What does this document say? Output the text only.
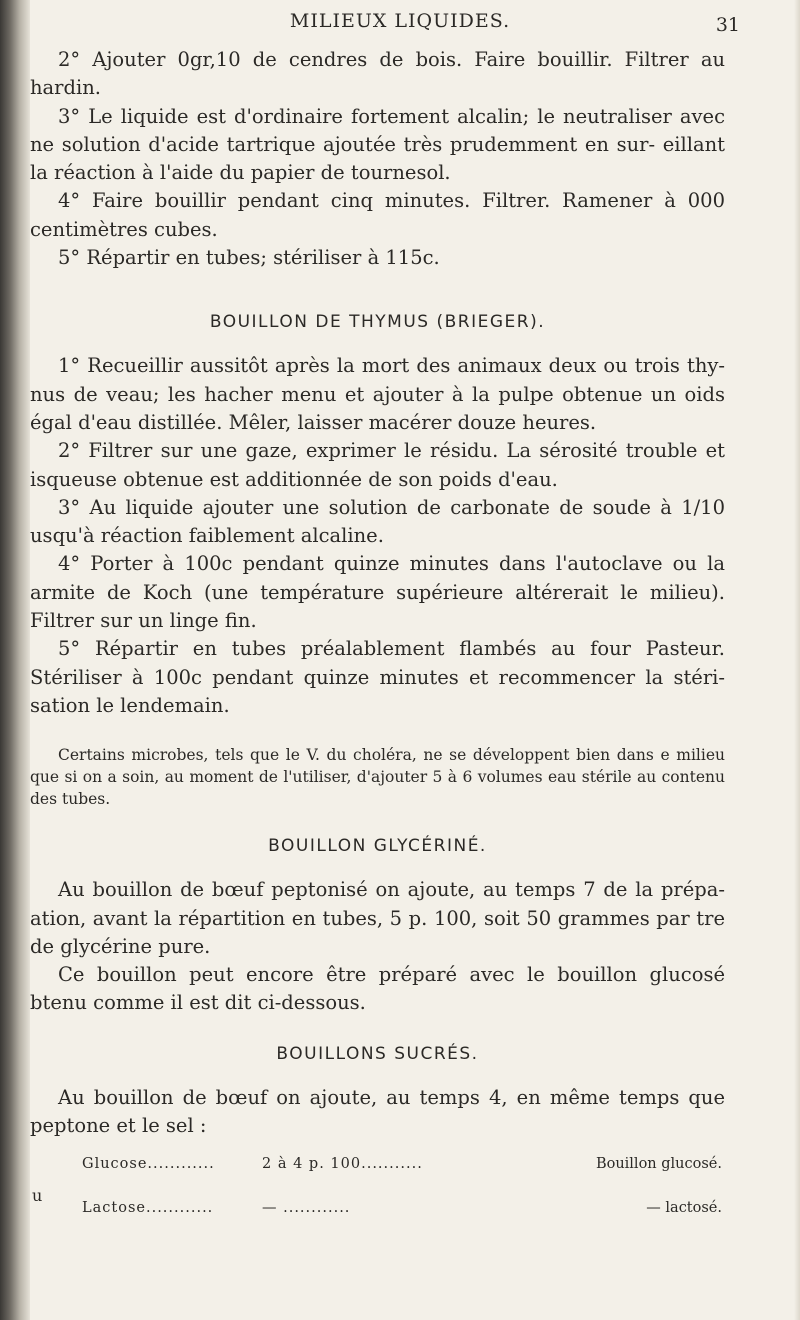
MILIEUX LIQUIDES.	31

2° Ajouter 0gr,10 de cendres de bois. Faire bouillir. Filtrer au hardin.

3° Le liquide est d'ordinaire fortement alcalin; le neutraliser avec ne solution d'acide tartrique ajoutée très prudemment en sur- eillant la réaction à l'aide du papier de tournesol.

4° Faire bouillir pendant cinq minutes. Filtrer. Ramener à 000 centimètres cubes.

5° Répartir en tubes; stériliser à 115c.

BOUILLON DE THYMUS (BRIEGER).

1° Recueillir aussitôt après la mort des animaux deux ou trois thy- nus de veau; les hacher menu et ajouter à la pulpe obtenue un oids égal d'eau distillée. Mêler, laisser macérer douze heures.

2° Filtrer sur une gaze, exprimer le résidu. La sérosité trouble et isqueuse obtenue est additionnée de son poids d'eau.

3° Au liquide ajouter une solution de carbonate de soude à 1/10 usqu'à réaction faiblement alcaline.

4° Porter à 100c pendant quinze minutes dans l'autoclave ou la armite de Koch (une température supérieure altérerait le milieu). Filtrer sur un linge fin.

5° Répartir en tubes préalablement flambés au four Pasteur. Stériliser à 100c pendant quinze minutes et recommencer la stéri- sation le lendemain.

Certains microbes, tels que le V. du choléra, ne se développent bien dans e milieu que si on a soin, au moment de l'utiliser, d'ajouter 5 à 6 volumes eau stérile au contenu des tubes.

BOUILLON GLYCÉRINÉ.

Au bouillon de bœuf peptonisé on ajoute, au temps 7 de la prépa- ation, avant la répartition en tubes, 5 p. 100, soit 50 grammes par tre de glycérine pure.

Ce bouillon peut encore être préparé avec le bouillon glucosé btenu comme il est dit ci-dessous.

BOUILLONS SUCRÉS.

Au bouillon de bœuf on ajoute, au temps 4, en même temps que peptone et le sel :

u
Glucose............	2 à 4 p. 100...........	Bouillon glucosé.
Lactose............	— ............	— lactosé.
